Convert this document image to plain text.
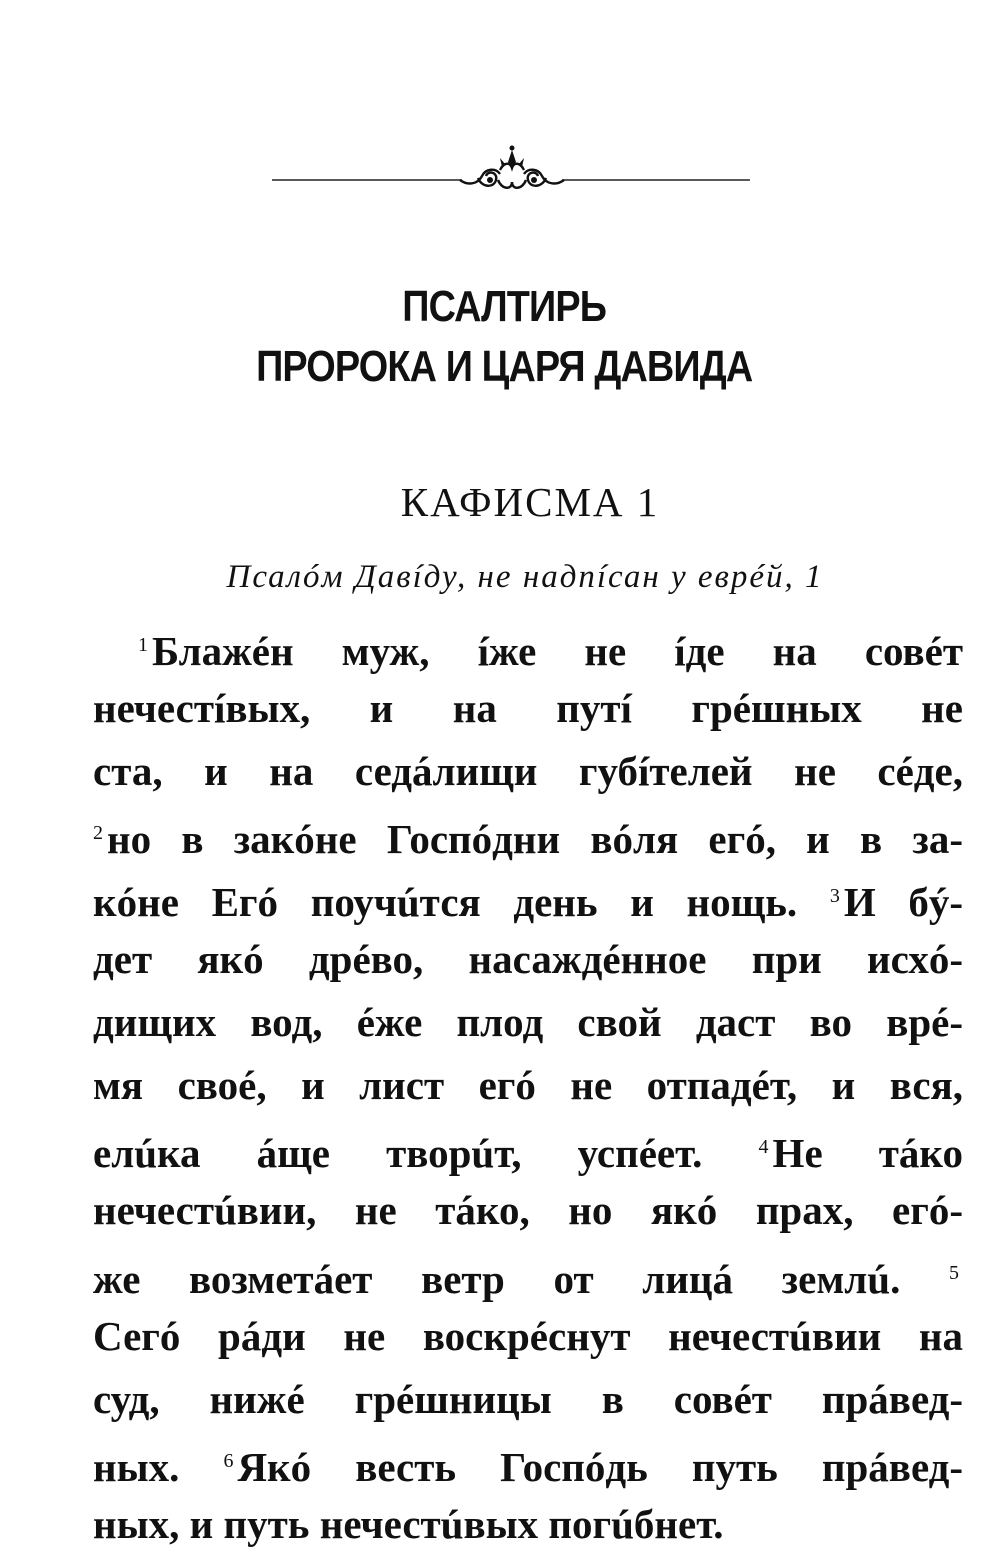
ПСАЛТИРЬ
ПРОРОКА И ЦАРЯ ДАВИДА
КАФИСМА 1
Псалóм Давíду, не надпíсан у еврéй, 1
$^1$Блажéн муж, íже не íде на совéт
нечестíвых, и на путí грéшных не
ста, и на седáлищи губíтелей не сéде,
$^2$но в закóне Госпóдни вóля егó, и в за-
кóне Егó поучúтся день и нощь. $^3$И бý-
дет якó дрéво, насаждéнное при исхó-
дищих вод, éже плод свой даст во врé-
мя своé, и лист егó не отпадéт, и вся,
елúка áще творúт, успéет.	$^4$Не тáко
нечестúвии, не тáко, но якó прах, егó-
же возметáет ветр от лицá землú. $^5$
Сегó рáди не воскрéснут нечестúвии на
суд, нижé грéшницы в совéт прáвед-
ных. $^6$Якó весть Госпóдь путь прáвед-
ных, и путь нечестúвых погúбнет.
